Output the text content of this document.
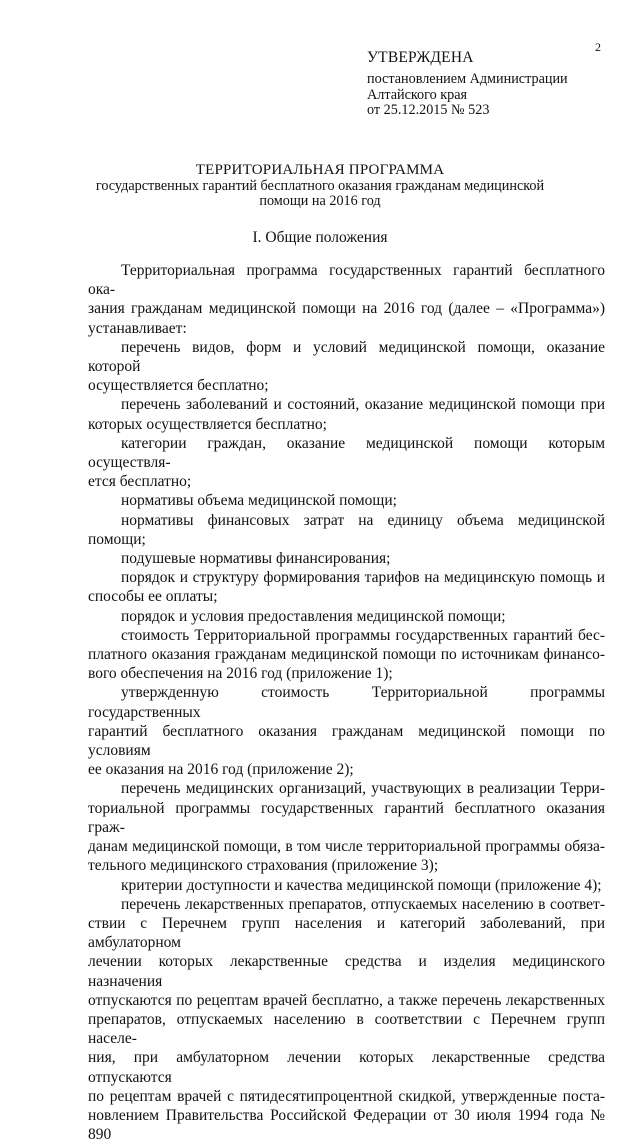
2
УТВЕРЖДЕНА
постановлением Администрации
Алтайского края
от 25.12.2015 № 523
ТЕРРИТОРИАЛЬНАЯ ПРОГРАММА
государственных гарантий бесплатного оказания гражданам медицинской
помощи на 2016 год
I. Общие положения

Территориальная программа государственных гарантий бесплатного ока-

зания гражданам медицинской помощи на 2016 год (далее – «Программа»)

устанавливает:

перечень видов, форм и условий медицинской помощи, оказание которой

осуществляется бесплатно;

перечень заболеваний и состояний, оказание медицинской помощи при

которых осуществляется бесплатно;

категории граждан, оказание медицинской помощи которым осуществля-

ется бесплатно;

нормативы объема медицинской помощи;

нормативы финансовых затрат на единицу объема медицинской помощи;

подушевые нормативы финансирования;

порядок и структуру формирования тарифов на медицинскую помощь и

способы ее оплаты;

порядок и условия предоставления медицинской помощи;

стоимость Территориальной программы государственных гарантий бес-

платного оказания гражданам медицинской помощи по источникам финансо-

вого обеспечения на 2016 год (приложение 1);

утвержденную стоимость Территориальной программы государственных

гарантий бесплатного оказания гражданам медицинской помощи по условиям

ее оказания на 2016 год (приложение 2);

перечень медицинских организаций, участвующих в реализации Терри-

ториальной программы государственных гарантий бесплатного оказания граж-

данам медицинской помощи, в том числе территориальной программы обяза-

тельного медицинского страхования (приложение 3);

критерии доступности и качества медицинской помощи (приложение 4);

перечень лекарственных препаратов, отпускаемых населению в соответ-

ствии с Перечнем групп населения и категорий заболеваний, при амбулаторном

лечении которых лекарственные средства и изделия медицинского назначения

отпускаются по рецептам врачей бесплатно, а также перечень лекарственных

препаратов, отпускаемых населению в соответствии с Перечнем групп населе-

ния, при амбулаторном лечении которых лекарственные средства отпускаются

по рецептам врачей с пятидесятипроцентной скидкой, утвержденные поста-

новлением Правительства Российской Федерации от 30 июля 1994 года № 890
